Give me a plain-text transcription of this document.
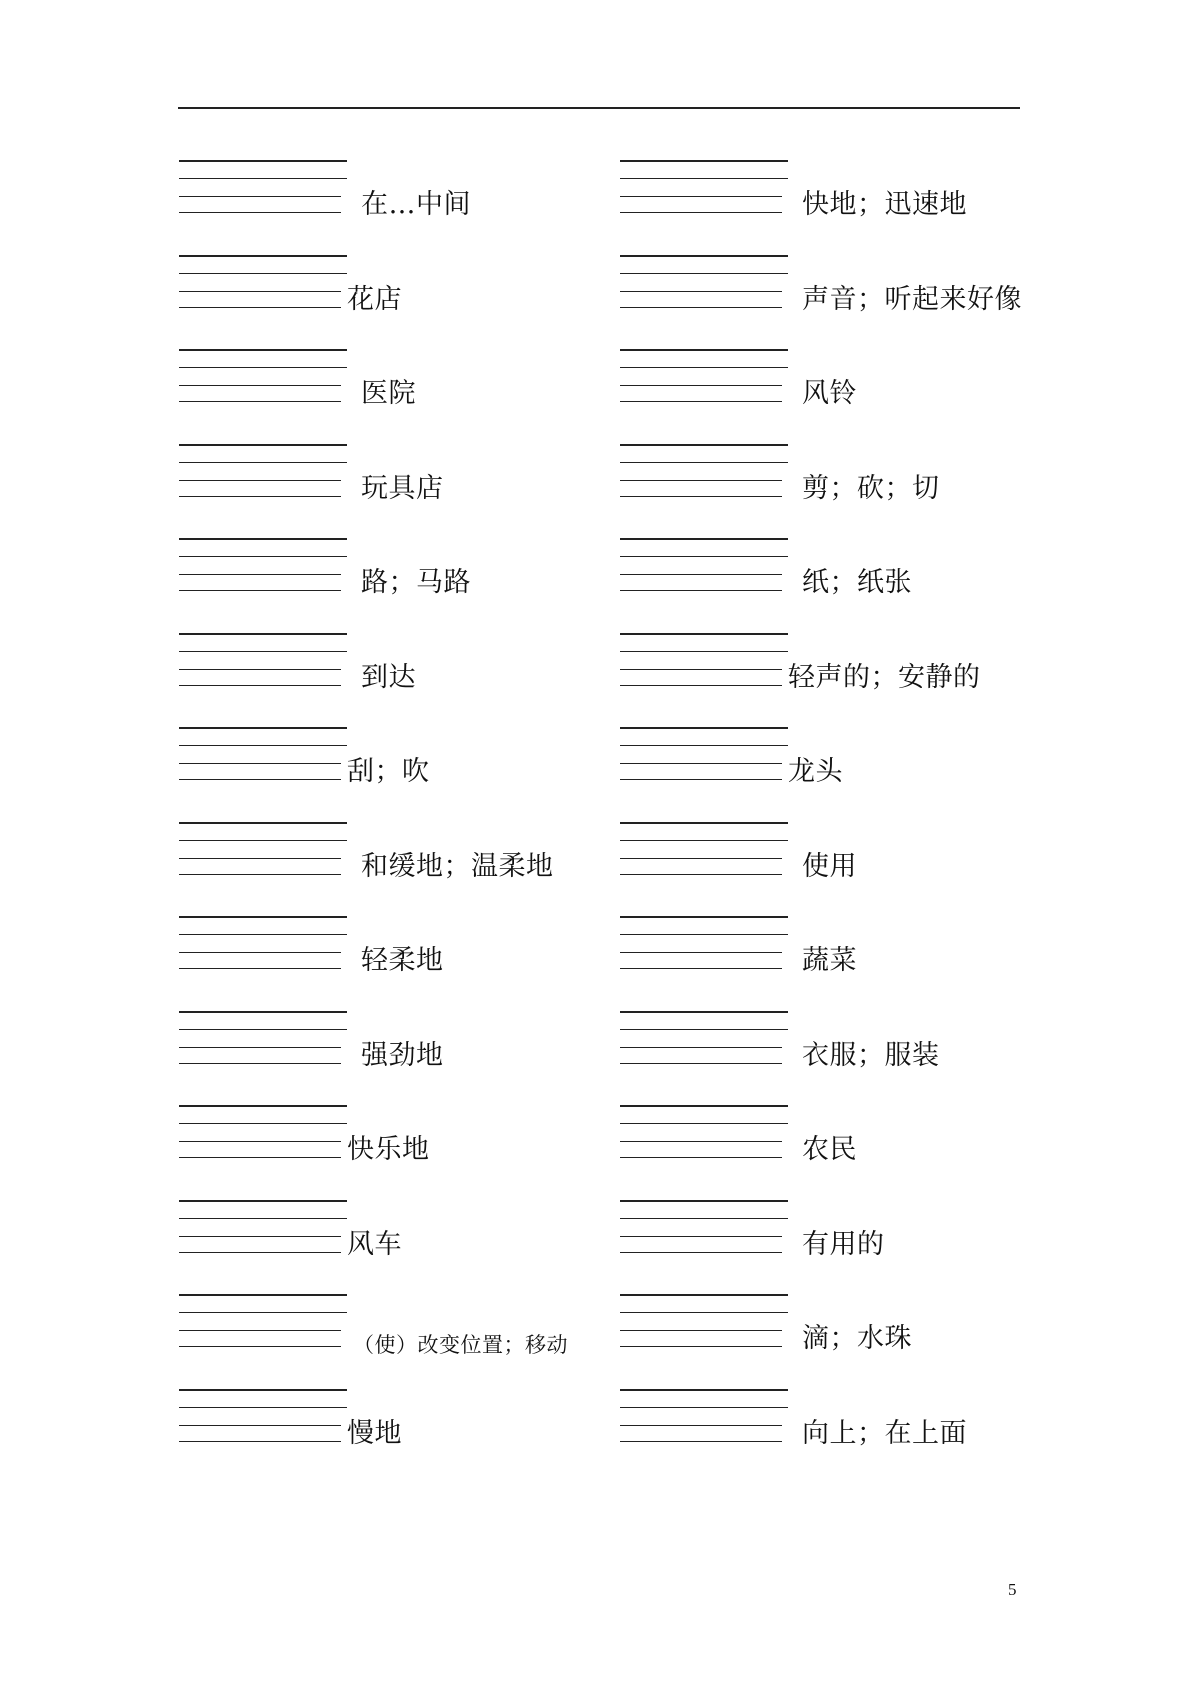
在…中间
花店
医院
玩具店
路；马路
到达
刮；吹
和缓地；温柔地
轻柔地
强劲地
快乐地
风车
（使）改变位置；移动
慢地
快地；迅速地
声音；听起来好像
风铃
剪；砍；切
纸；纸张
轻声的；安静的
龙头
使用
蔬菜
衣服；服装
农民
有用的
滴；水珠
向上；在上面
5
